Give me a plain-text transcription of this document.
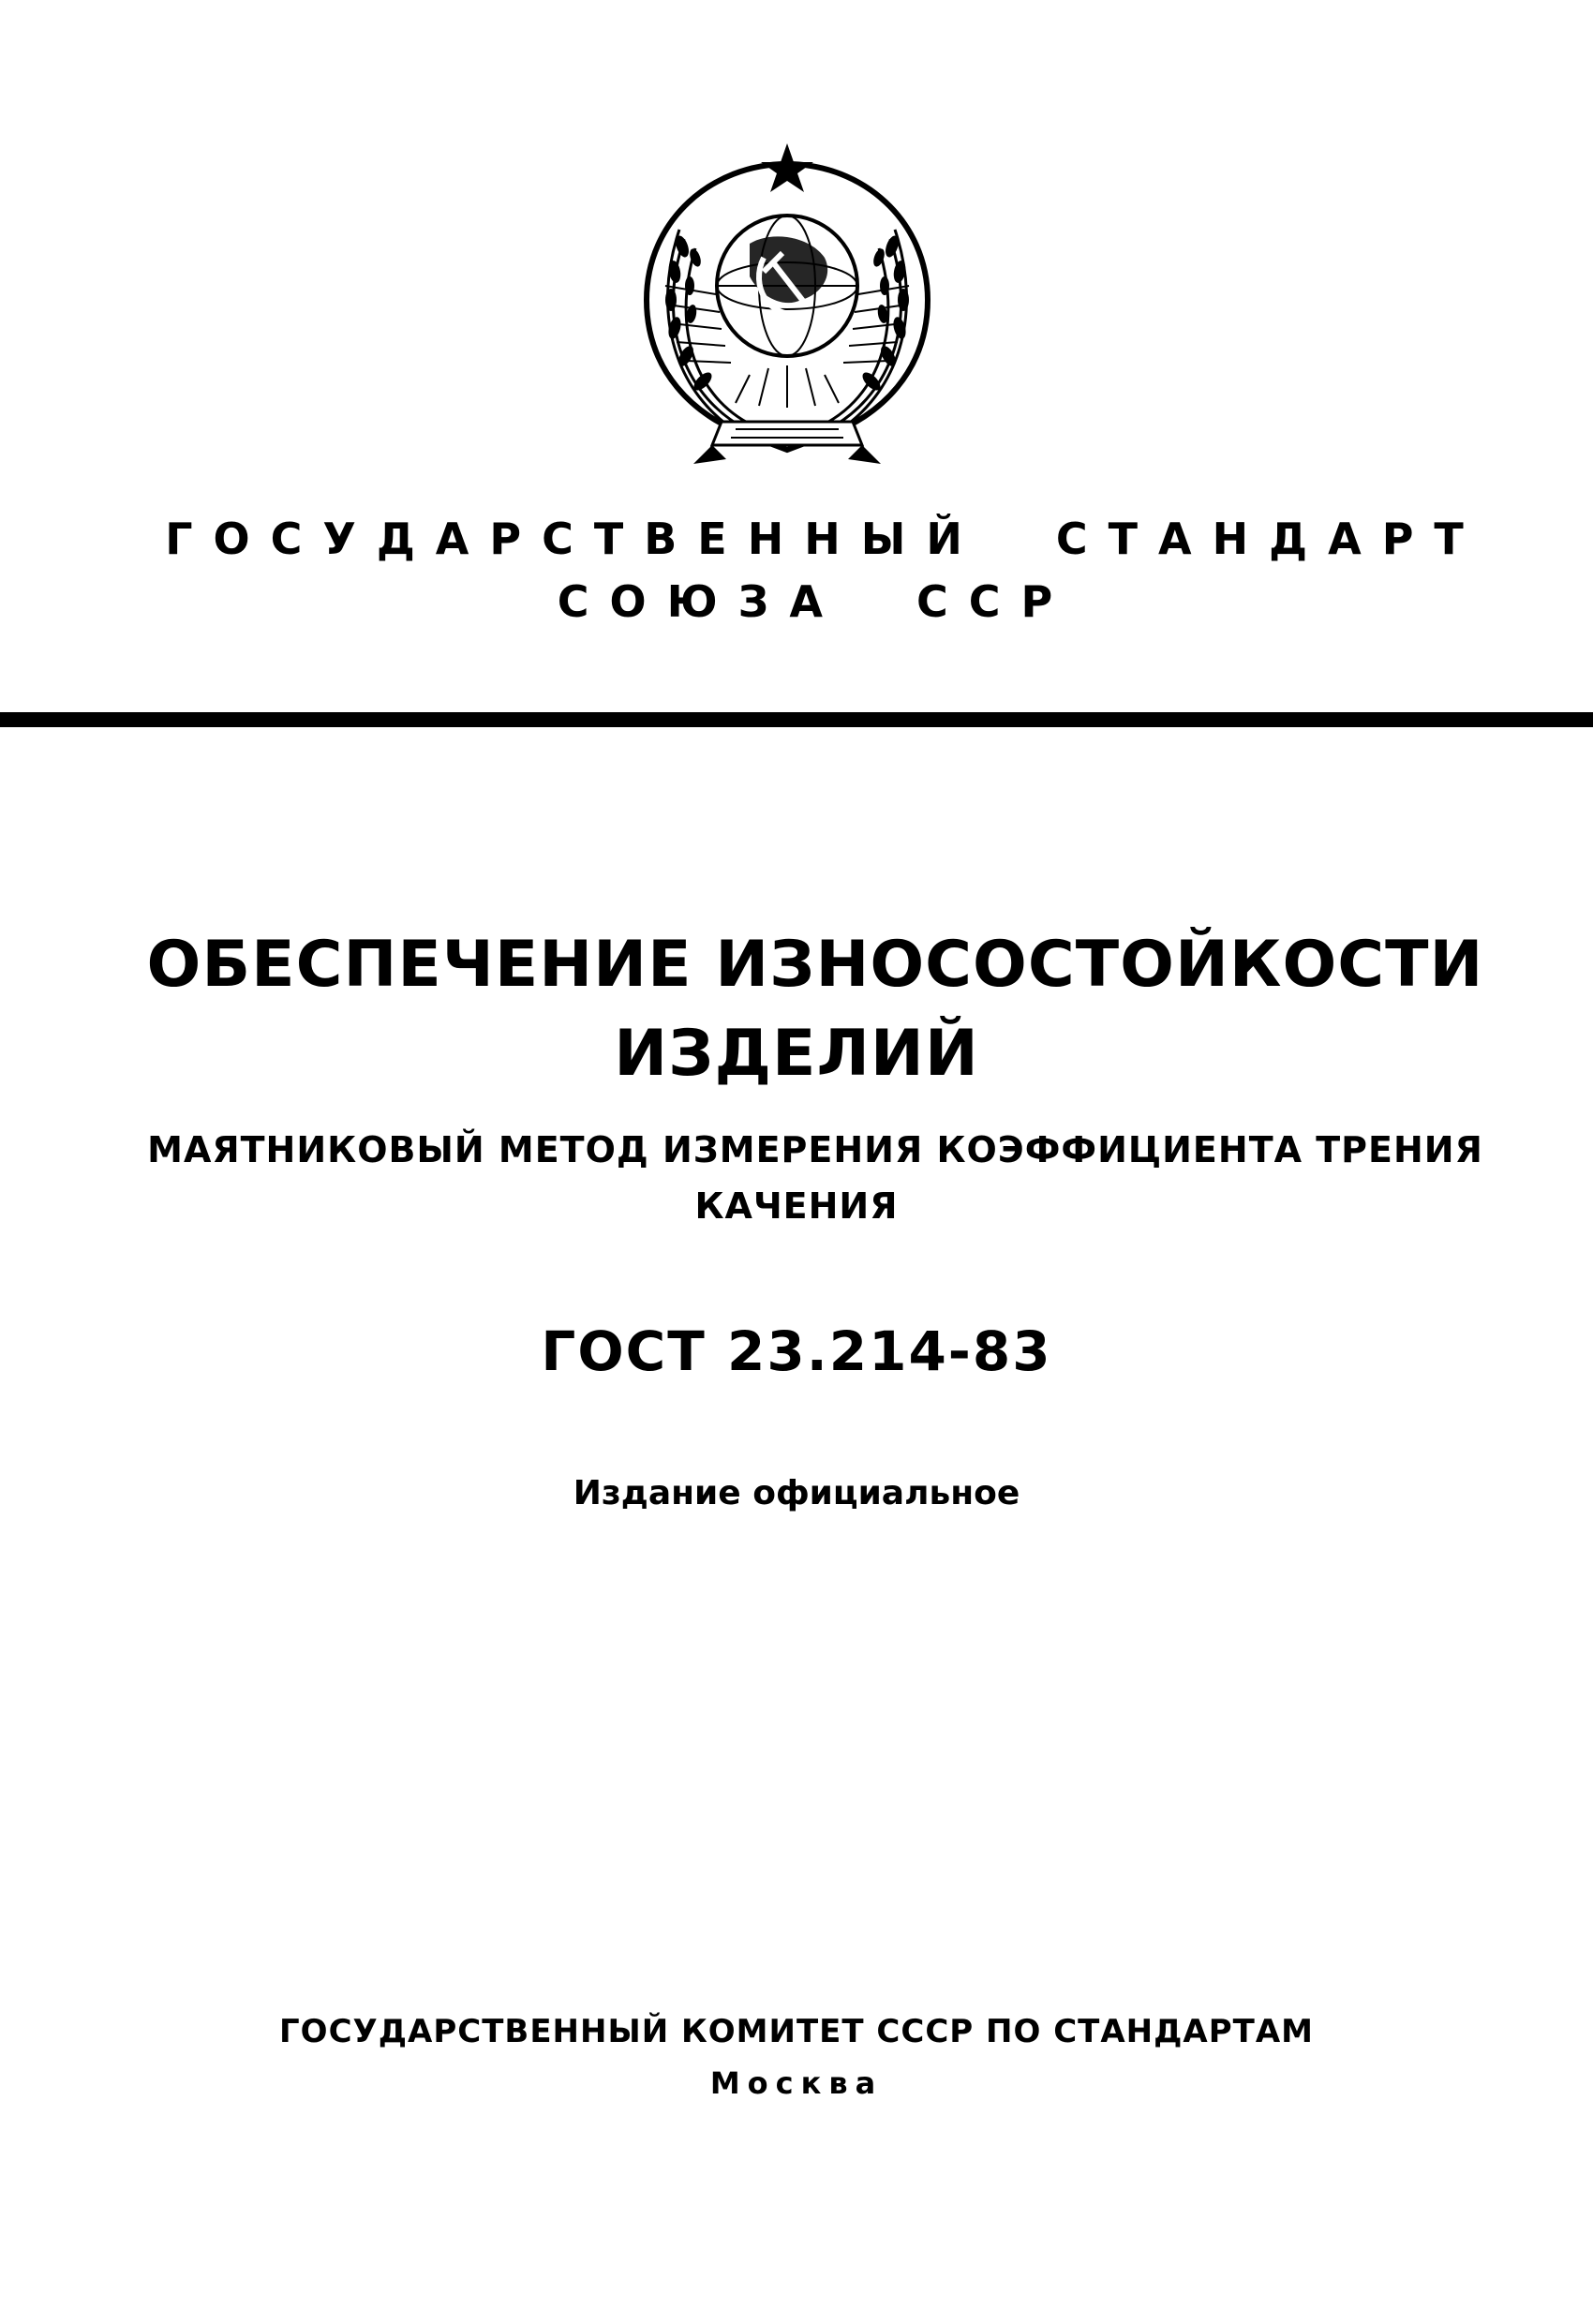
ГОСУДАРСТВЕННЫЙ СТАНДАРТ
СОЮЗА ССР
ОБЕСПЕЧЕНИЕ ИЗНОСОСТОЙКОСТИ
ИЗДЕЛИЙ
МАЯТНИКОВЫЙ МЕТОД ИЗМЕРЕНИЯ КОЭФФИЦИЕНТА ТРЕНИЯ
КАЧЕНИЯ
ГОСТ 23.214-83
Издание официальное
ГОСУДАРСТВЕННЫЙ КОМИТЕТ СССР ПО СТАНДАРТАМ
Москва
